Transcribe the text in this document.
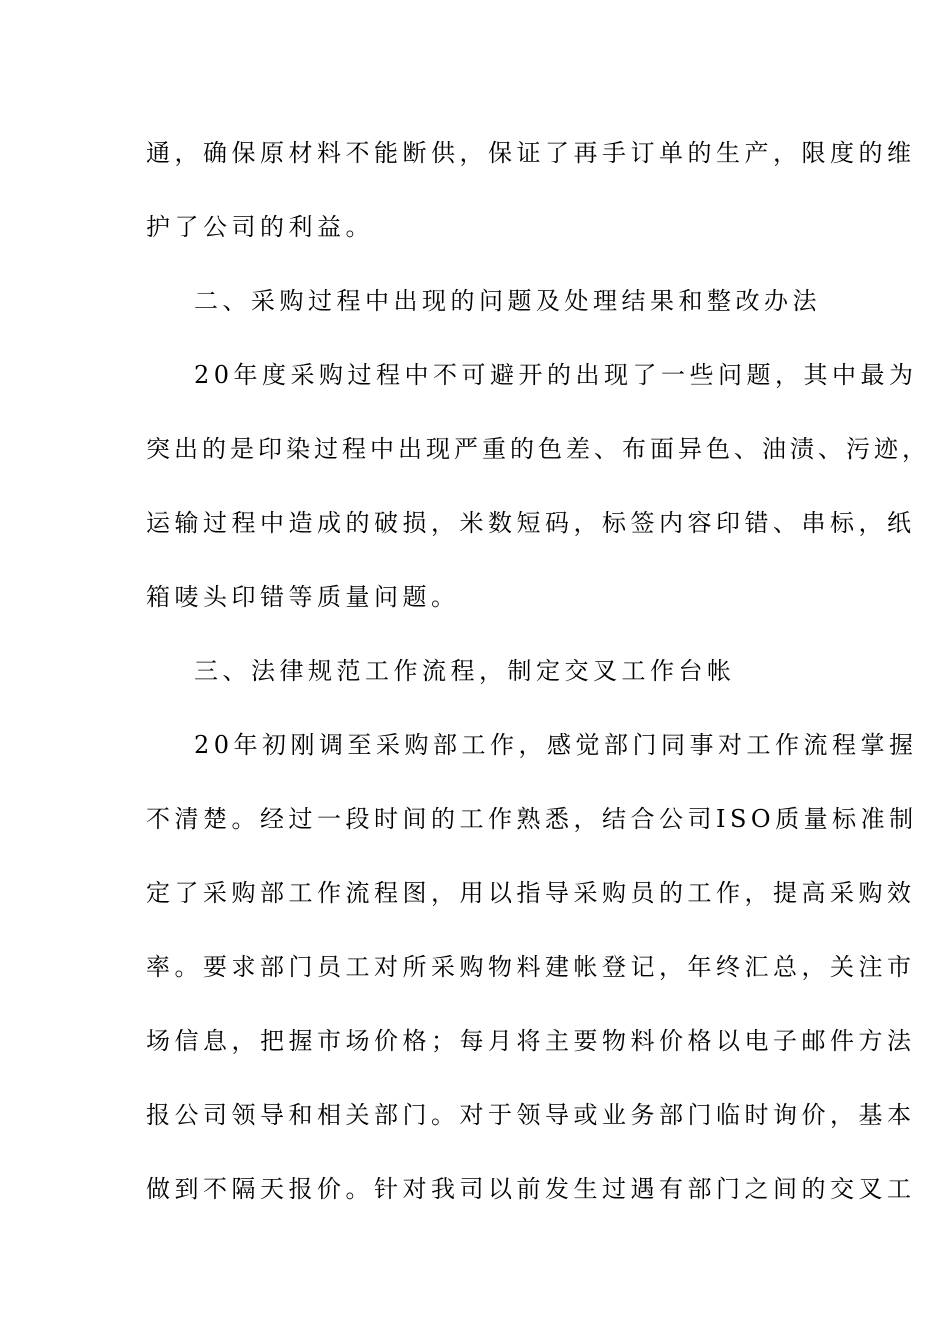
通，确保原材料不能断供，保证了再手订单的生产，限度的维
护了公司的利益。
二、采购过程中出现的问题及处理结果和整改办法
20年度采购过程中不可避开的出现了一些问题，其中最为
突出的是印染过程中出现严重的色差、布面异色、油渍、污迹，
运输过程中造成的破损，米数短码，标签内容印错、串标，纸
箱唛头印错等质量问题。
三、法律规范工作流程，制定交叉工作台帐
20年初刚调至采购部工作，感觉部门同事对工作流程掌握
不清楚。经过一段时间的工作熟悉，结合公司ISO质量标准制
定了采购部工作流程图，用以指导采购员的工作，提高采购效
率。要求部门员工对所采购物料建帐登记，年终汇总，关注市
场信息，把握市场价格；每月将主要物料价格以电子邮件方法
报公司领导和相关部门。对于领导或业务部门临时询价，基本
做到不隔天报价。针对我司以前发生过遇有部门之间的交叉工
